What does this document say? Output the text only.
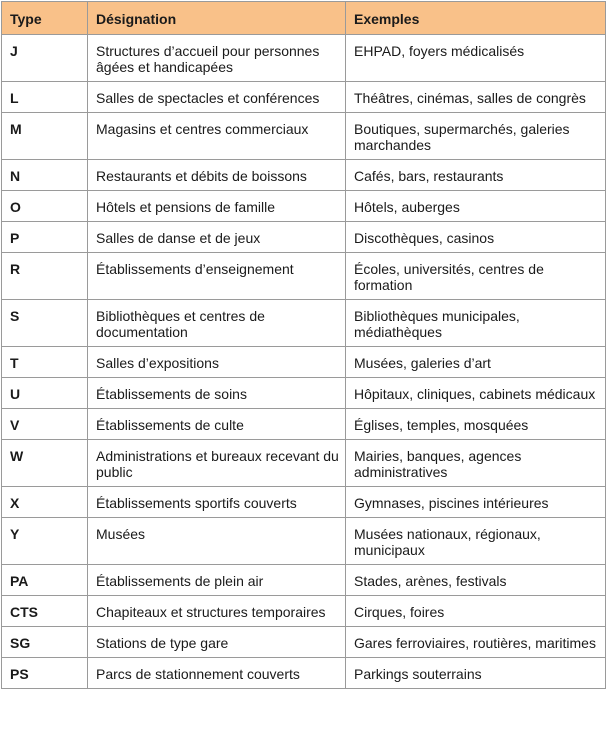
Type	Désignation	Exemples
J	Structures d’accueil pour personnes âgées et handicapées	EHPAD, foyers médicalisés
L	Salles de spectacles et conférences	Théâtres, cinémas, salles de congrès
M	Magasins et centres commerciaux	Boutiques, supermarchés, galeries marchandes
N	Restaurants et débits de boissons	Cafés, bars, restaurants
O	Hôtels et pensions de famille	Hôtels, auberges
P	Salles de danse et de jeux	Discothèques, casinos
R	Établissements d’enseignement	Écoles, universités, centres de formation
S	Bibliothèques et centres de documentation	Bibliothèques municipales, médiathèques
T	Salles d’expositions	Musées, galeries d’art
U	Établissements de soins	Hôpitaux, cliniques, cabinets médicaux
V	Établissements de culte	Églises, temples, mosquées
W	Administrations et bureaux recevant du public	Mairies, banques, agences administratives
X	Établissements sportifs couverts	Gymnases, piscines intérieures
Y	Musées	Musées nationaux, régionaux, municipaux
PA	Établissements de plein air	Stades, arènes, festivals
CTS	Chapiteaux et structures temporaires	Cirques, foires
SG	Stations de type gare	Gares ferroviaires, routières, maritimes
PS	Parcs de stationnement couverts	Parkings souterrains
